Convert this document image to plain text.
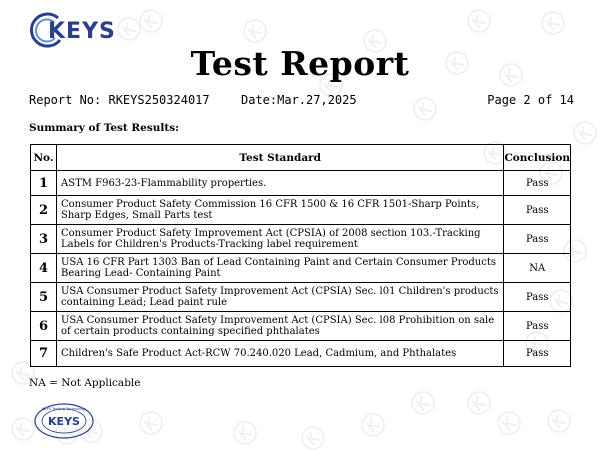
KEYS
Test Report
Report No: RKEYS250324017	Date:Mar.27,2025	Page 2 of 14
Summary of Test Results:
No.	Test Standard	Conclusion
1	ASTM F963-23-Flammability properties.	Pass
2	Consumer Product Safety Commission 16 CFR 1500 & 16 CFR 1501-Sharp Points, Sharp Edges, Small Parts test	Pass
3	Consumer Product Safety Improvement Act (CPSIA) of 2008 section 103.-Tracking Labels for Children's Products-Tracking label requirement	Pass
4	USA 16 CFR Part 1303 Ban of Lead Containing Paint and Certain Consumer Products Bearing Lead- Containing Paint	NA
5	USA Consumer Product Safety Improvement Act (CPSIA) Sec. l01 Children's products containing Lead; Lead paint rule	Pass
6	USA Consumer Product Safety Improvement Act (CPSIA) Sec. l08 Prohibition on sale of certain products containing specified phthalates	Pass
7	Children's Safe Product Act-RCW 70.240.020 Lead, Cadmium, and Phthalates	Pass
NA = Not Applicable
KEYS
KEYS Testing Technology
